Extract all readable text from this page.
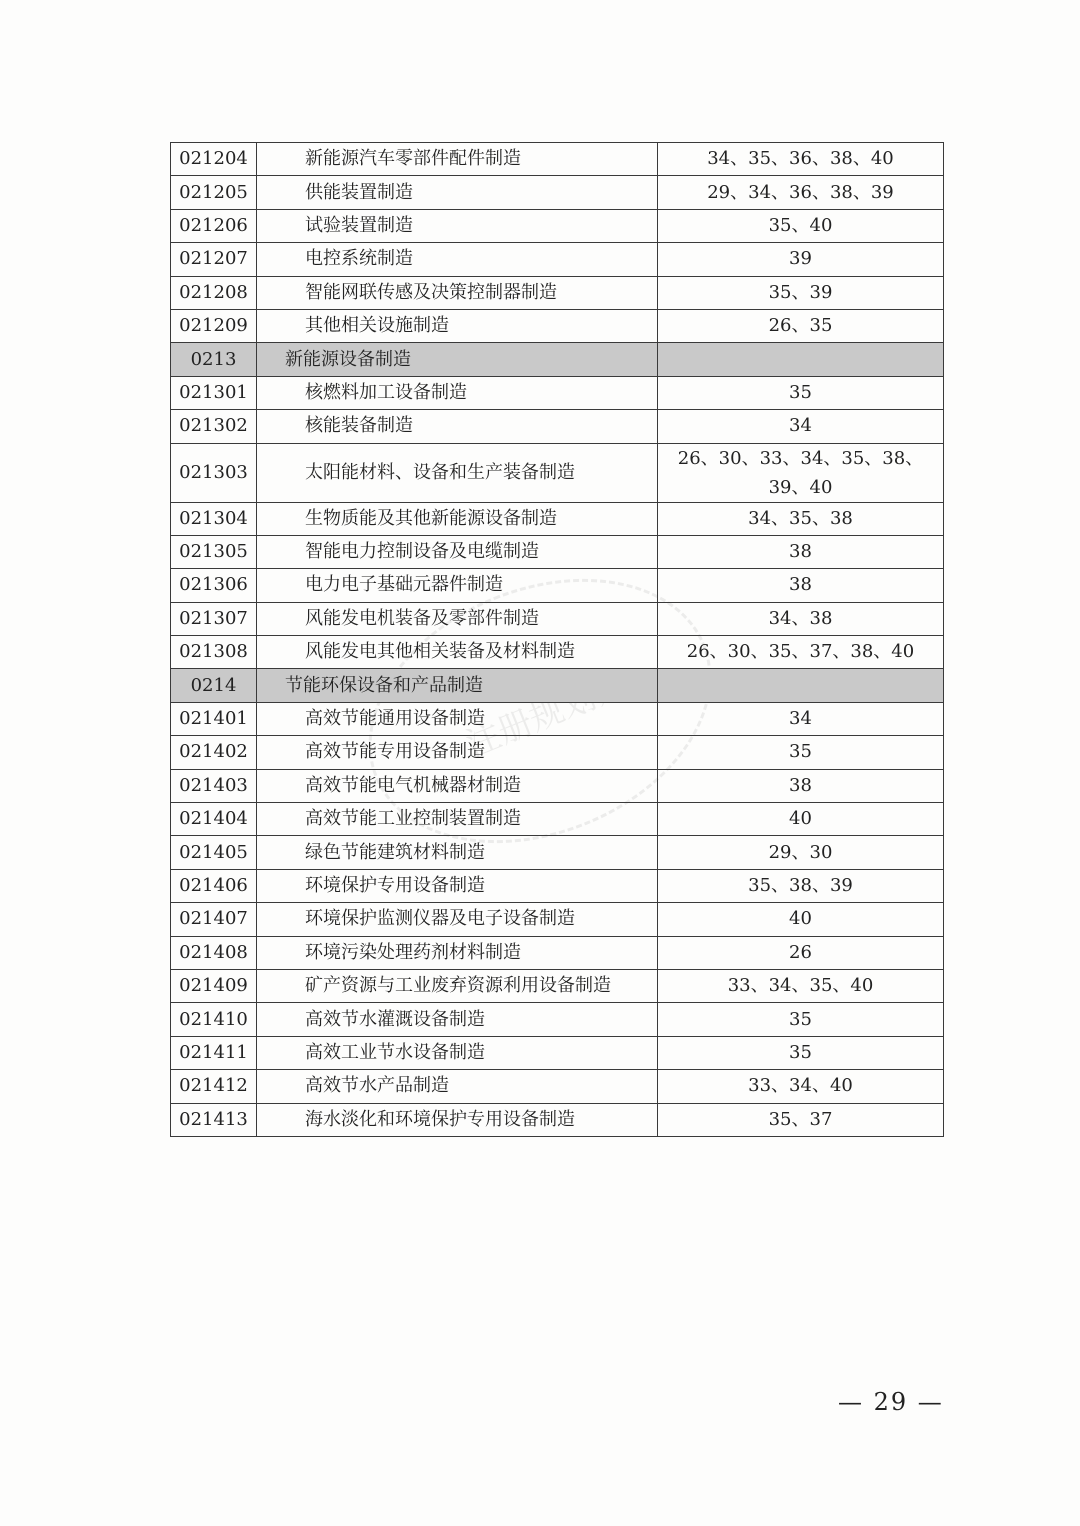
注册规划师
021204	新能源汽车零部件配件制造	34、35、36、38、40
021205	供能装置制造	29、34、36、38、39
021206	试验装置制造	35、40
021207	电控系统制造	39
021208	智能网联传感及决策控制器制造	35、39
021209	其他相关设施制造	26、35
0213	新能源设备制造	
021301	核燃料加工设备制造	35
021302	核能装备制造	34
021303	太阳能材料、设备和生产装备制造	26、30、33、34、35、38、39、40
021304	生物质能及其他新能源设备制造	34、35、38
021305	智能电力控制设备及电缆制造	38
021306	电力电子基础元器件制造	38
021307	风能发电机装备及零部件制造	34、38
021308	风能发电其他相关装备及材料制造	26、30、35、37、38、40
0214	节能环保设备和产品制造	
021401	高效节能通用设备制造	34
021402	高效节能专用设备制造	35
021403	高效节能电气机械器材制造	38
021404	高效节能工业控制装置制造	40
021405	绿色节能建筑材料制造	29、30
021406	环境保护专用设备制造	35、38、39
021407	环境保护监测仪器及电子设备制造	40
021408	环境污染处理药剂材料制造	26
021409	矿产资源与工业废弃资源利用设备制造	33、34、35、40
021410	高效节水灌溉设备制造	35
021411	高效工业节水设备制造	35
021412	高效节水产品制造	33、34、40
021413	海水淡化和环境保护专用设备制造	35、37
— 29 —
